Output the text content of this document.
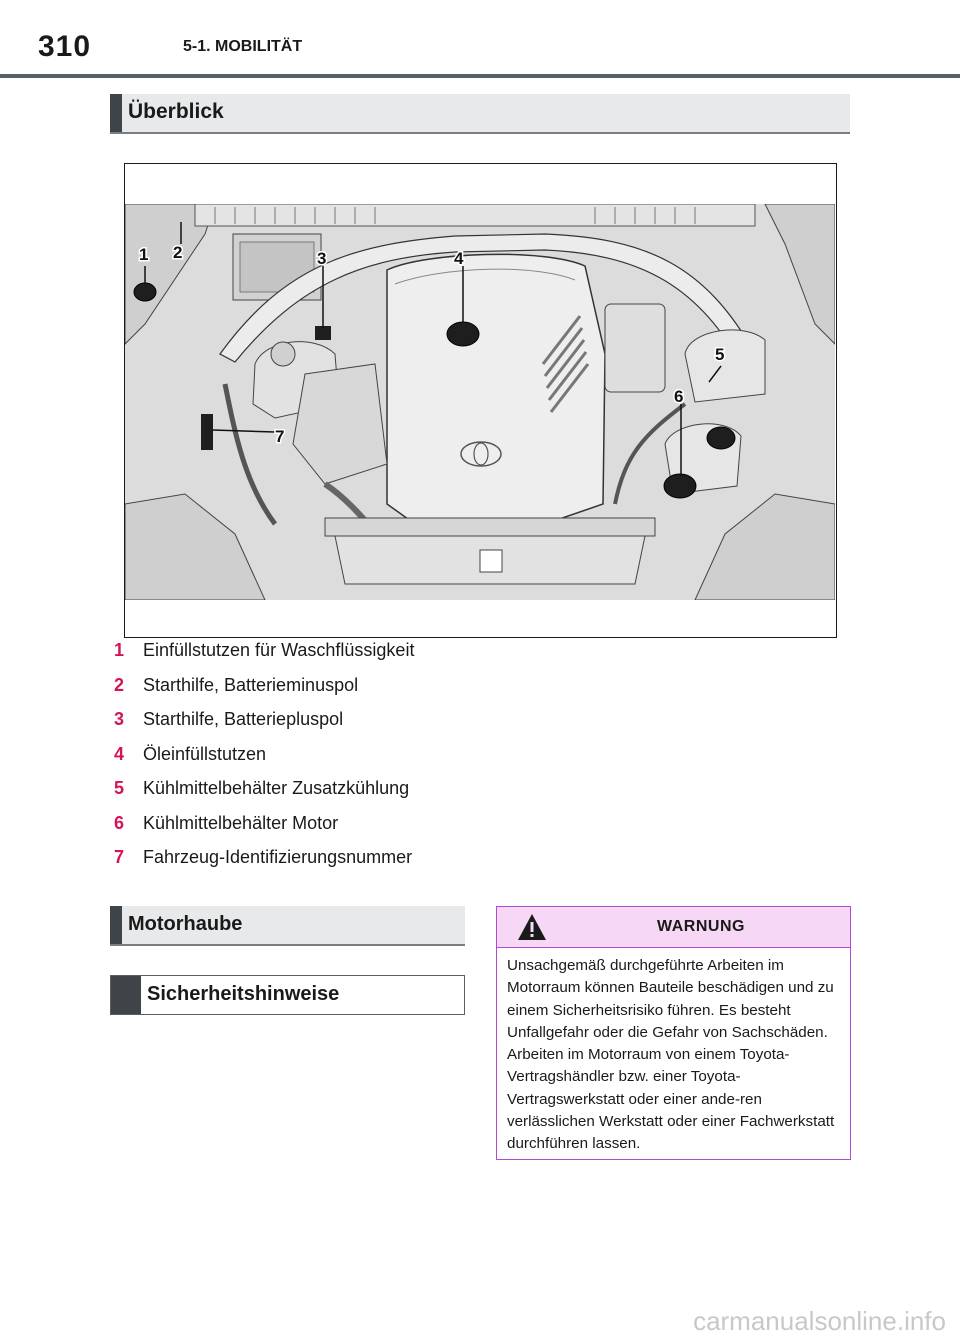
310	5-1. MOBILITÄT
Überblick
1 2	3	4
5
6
7
1 Einfüllstutzen für Waschflüssigkeit
2 Starthilfe, Batterieminuspol
3 Starthilfe, Batteriepluspol
4 Öleinfüllstutzen
5 Kühlmittelbehälter Zusatzkühlung
6 Kühlmittelbehälter Motor
7 Fahrzeug-Identifizierungsnummer
Motorhaube
Sicherheitshinweise
WARNUNG
Unsachgemäß durchgeführte Arbeiten im Motorraum können Bauteile beschädigen und zu einem Sicherheitsrisiko führen. Es besteht Unfallgefahr oder die Gefahr von Sachschäden. Arbeiten im Motorraum von einem Toyota-Vertragshändler bzw. einer Toyota-Vertragswerkstatt oder einer ande-ren verlässlichen Werkstatt oder einer Fachwerkstatt durchführen lassen.
carmanualsonline.info
